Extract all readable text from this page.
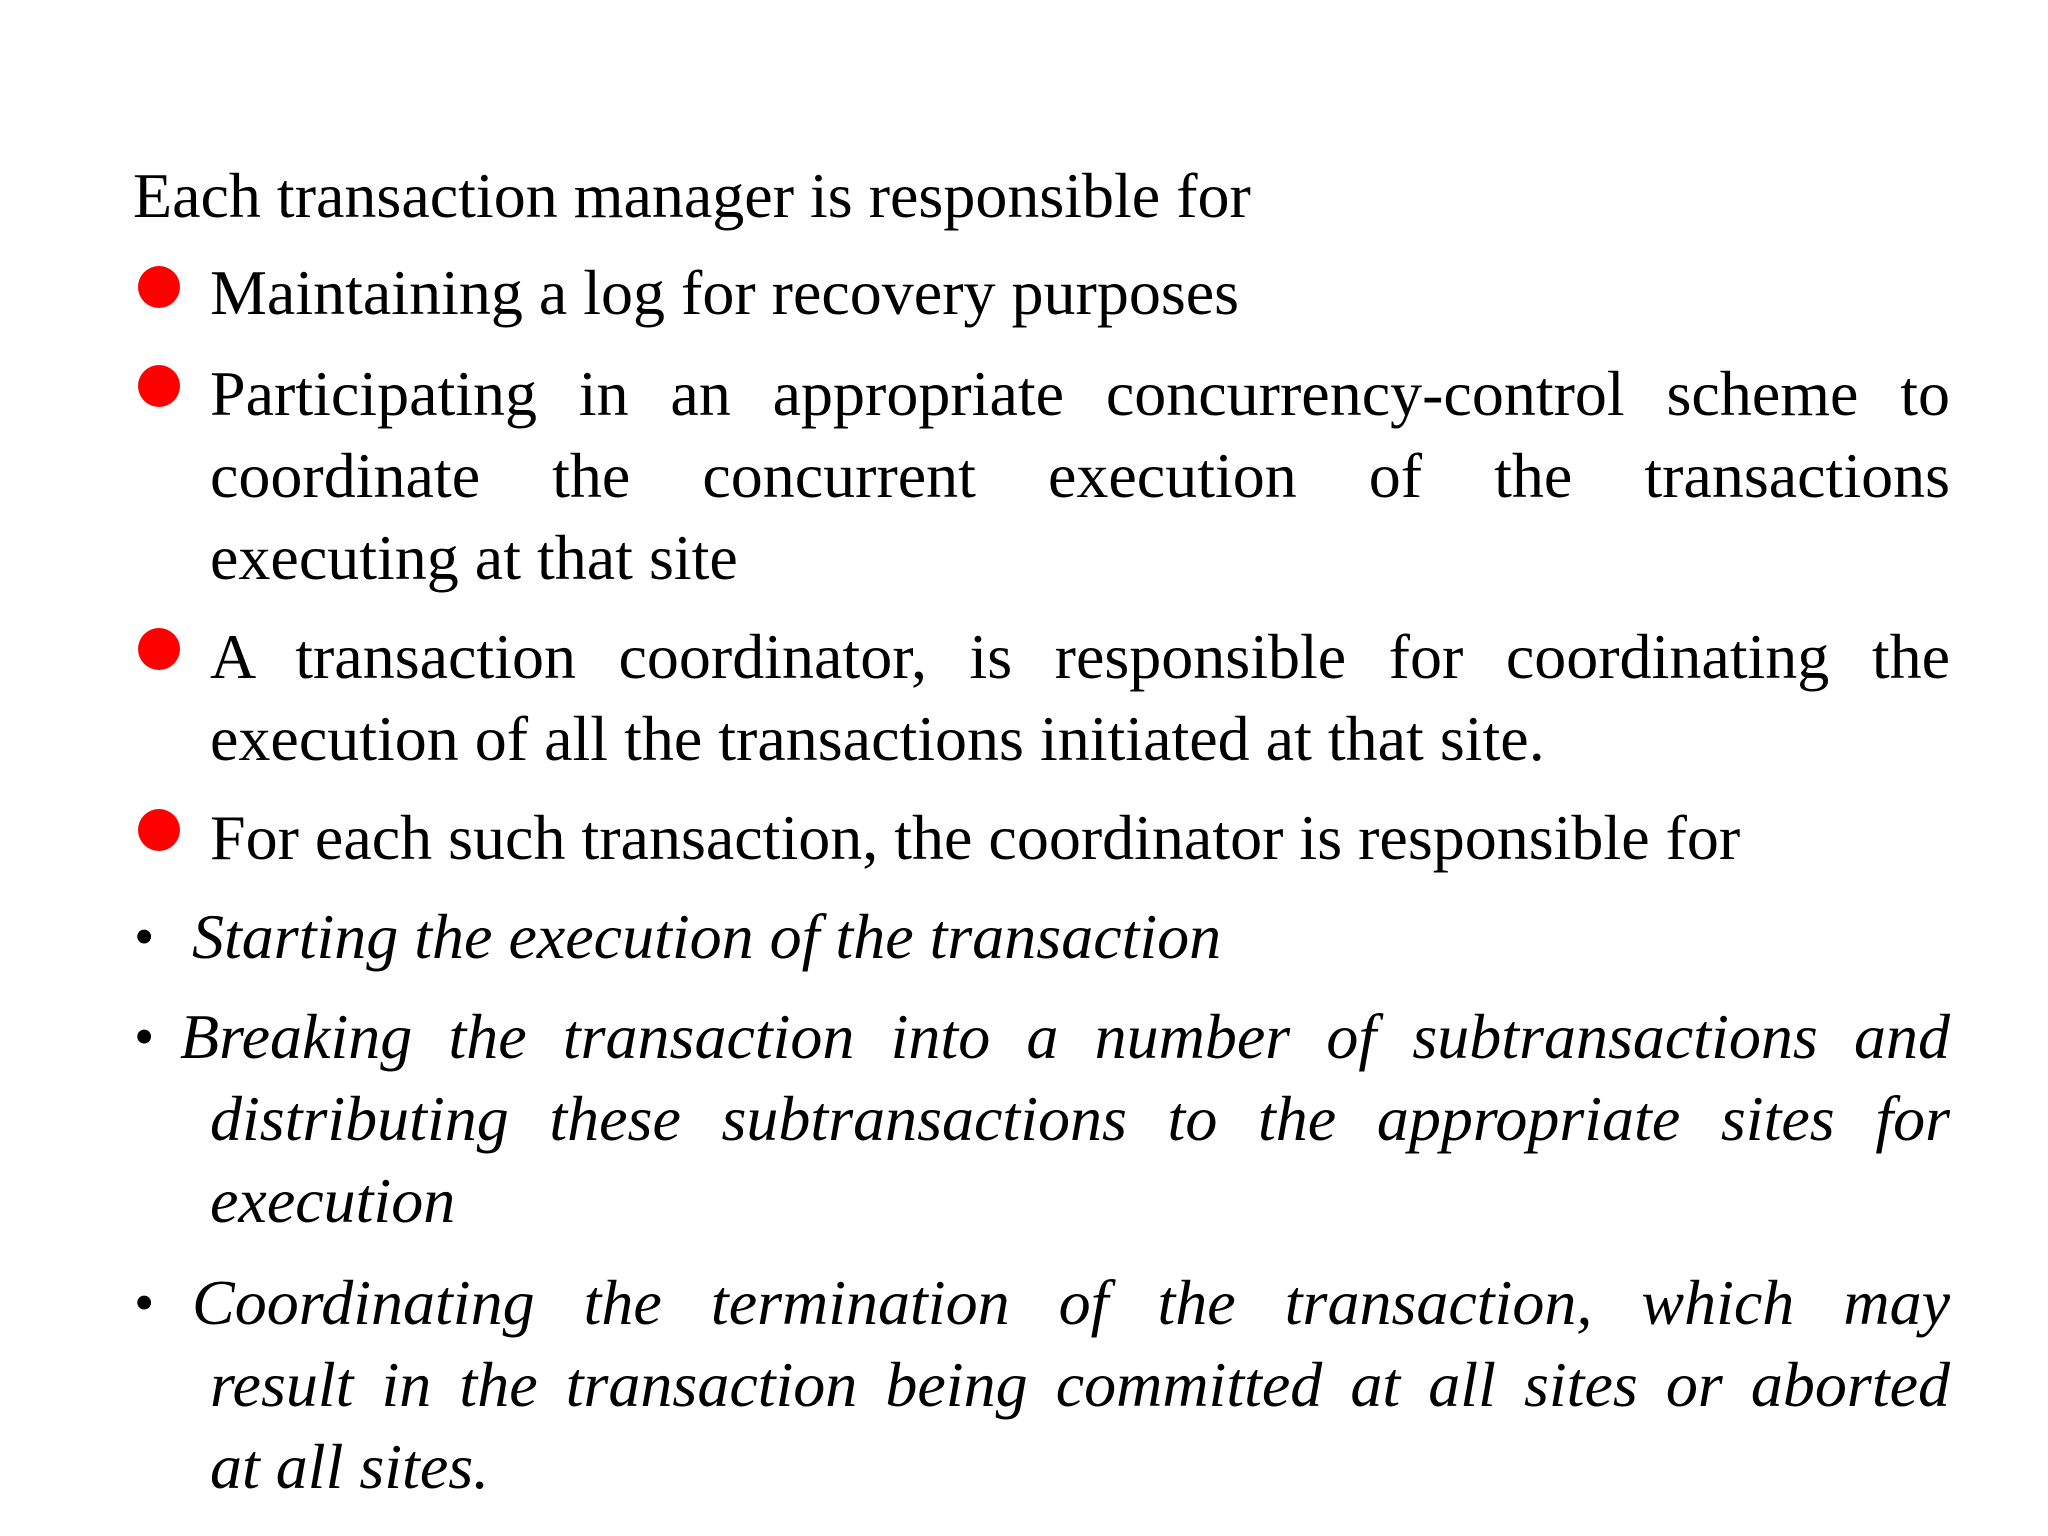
Each transaction manager is responsible for
Maintaining a log for recovery purposes
Participating in an appropriate concurrency-control scheme to
coordinate the concurrent execution of the transactions
executing at that site
A transaction coordinator, is responsible for coordinating the
execution of all the transactions initiated at that site.
For each such transaction, the coordinator is responsible for
• Starting the execution of the transaction
• Breaking the transaction into a number of subtransactions and
distributing these subtransactions to the appropriate sites for
execution
• Coordinating the termination of the transaction, which may
result in the transaction being committed at all sites or aborted
at all sites.
